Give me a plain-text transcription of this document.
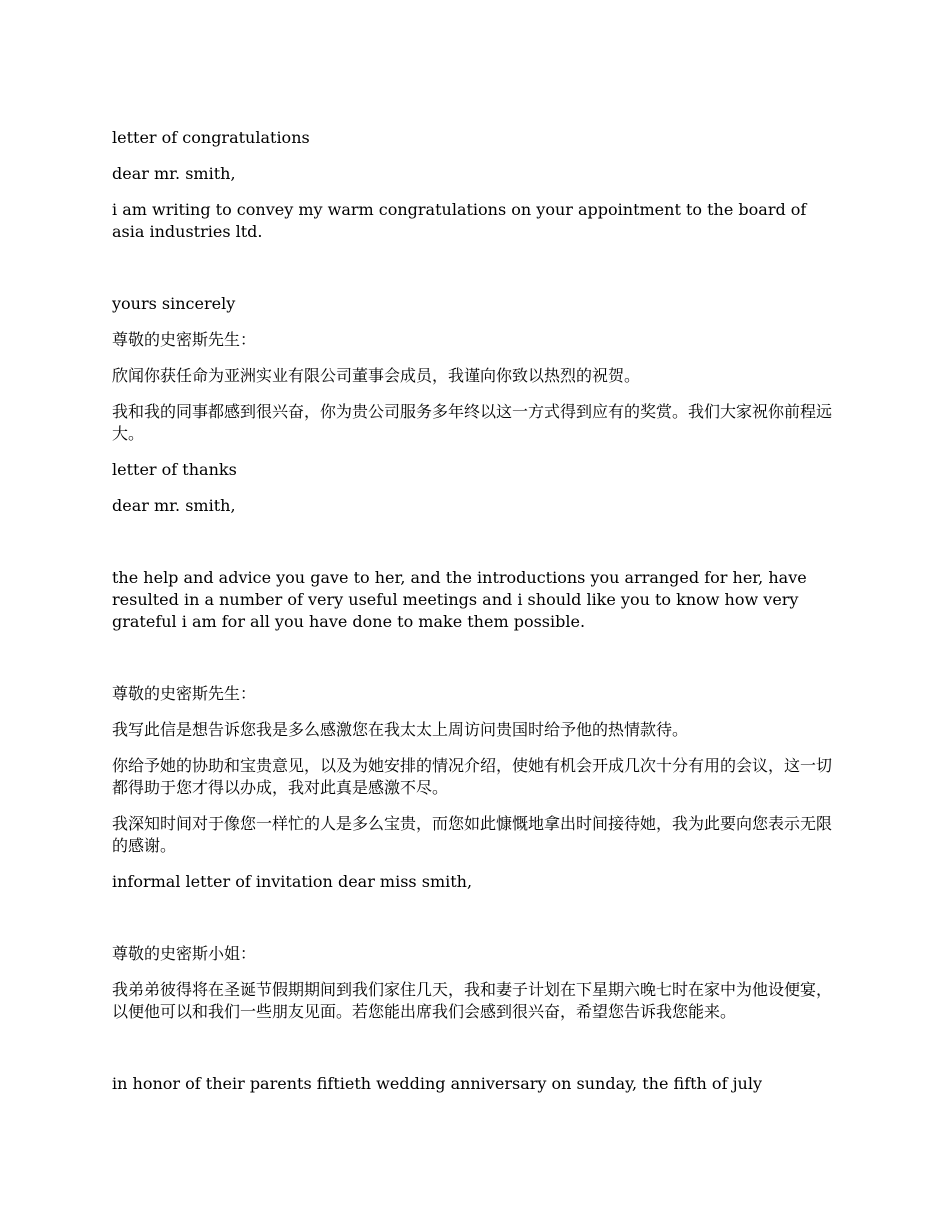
letter of congratulations

dear mr. smith,

i am writing to convey my warm congratulations on your appointment to the board of asia industries ltd.

yours sincerely

尊敬的史密斯先生：

欣闻你获任命为亚洲实业有限公司董事会成员，我谨向你致以热烈的祝贺。

我和我的同事都感到很兴奋，你为贵公司服务多年终以这一方式得到应有的奖赏。我们大家祝你前程远大。

letter of thanks

dear mr. smith,

the help and advice you gave to her, and the introductions you arranged for her, have resulted in a number of very useful meetings and i should like you to know how very grateful i am for all you have done to make them possible.

尊敬的史密斯先生：

我写此信是想告诉您我是多么感激您在我太太上周访问贵国时给予他的热情款待。

你给予她的协助和宝贵意见，以及为她安排的情况介绍，使她有机会开成几次十分有用的会议，这一切都得助于您才得以办成，我对此真是感激不尽。

我深知时间对于像您一样忙的人是多么宝贵，而您如此慷慨地拿出时间接待她，我为此要向您表示无限的感谢。

informal letter of invitation dear miss smith,

尊敬的史密斯小姐：

我弟弟彼得将在圣诞节假期期间到我们家住几天，我和妻子计划在下星期六晚七时在家中为他设便宴，以便他可以和我们一些朋友见面。若您能出席我们会感到很兴奋，希望您告诉我您能来。

in honor of their parents fiftieth wedding anniversary on sunday, the fifth of july
